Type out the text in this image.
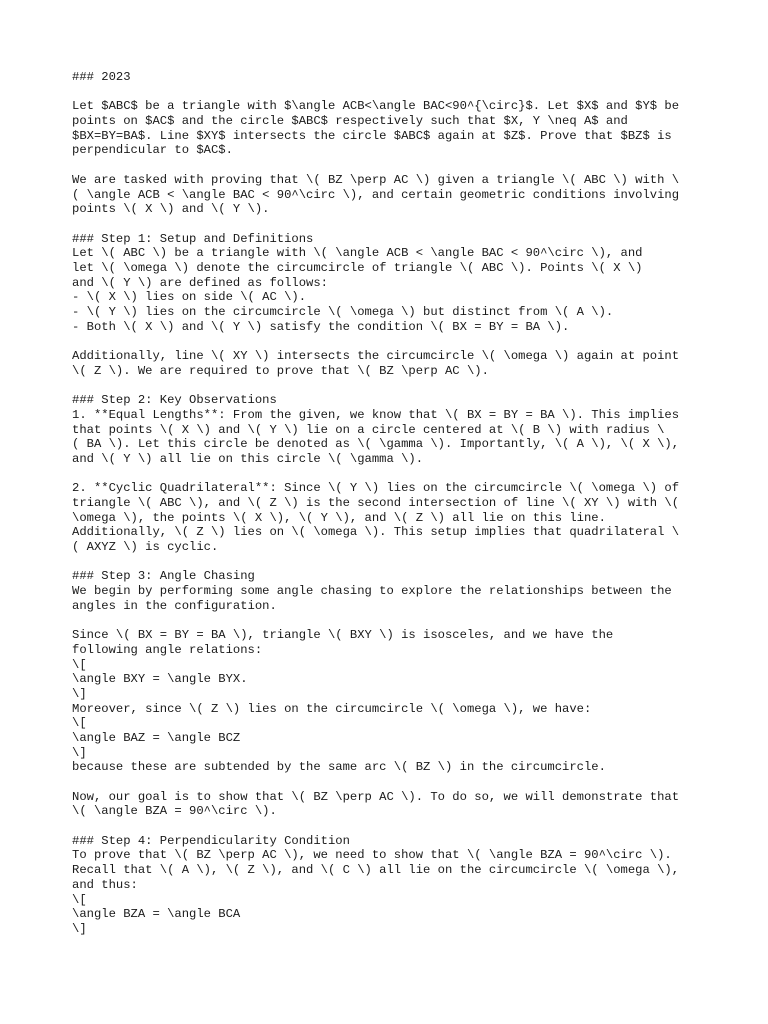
### 2023
Let $ABC$ be a triangle with $\angle ACB<\angle BAC<90^{\circ}$. Let $X$ and $Y$ be
points on $AC$ and the circle $ABC$ respectively such that $X, Y \neq A$ and
$BX=BY=BA$. Line $XY$ intersects the circle $ABC$ again at $Z$. Prove that $BZ$ is
perpendicular to $AC$.
We are tasked with proving that \( BZ \perp AC \) given a triangle \( ABC \) with \
( \angle ACB < \angle BAC < 90^\circ \), and certain geometric conditions involving
points \( X \) and \( Y \).
### Step 1: Setup and Definitions
Let \( ABC \) be a triangle with \( \angle ACB < \angle BAC < 90^\circ \), and
let \( \omega \) denote the circumcircle of triangle \( ABC \). Points \( X \)
and \( Y \) are defined as follows:
- \( X \) lies on side \( AC \).
- \( Y \) lies on the circumcircle \( \omega \) but distinct from \( A \).
- Both \( X \) and \( Y \) satisfy the condition \( BX = BY = BA \).
Additionally, line \( XY \) intersects the circumcircle \( \omega \) again at point
\( Z \). We are required to prove that \( BZ \perp AC \).
### Step 2: Key Observations
1. **Equal Lengths**: From the given, we know that \( BX = BY = BA \). This implies
that points \( X \) and \( Y \) lie on a circle centered at \( B \) with radius \
( BA \). Let this circle be denoted as \( \gamma \). Importantly, \( A \), \( X \),
and \( Y \) all lie on this circle \( \gamma \).
2. **Cyclic Quadrilateral**: Since \( Y \) lies on the circumcircle \( \omega \) of
triangle \( ABC \), and \( Z \) is the second intersection of line \( XY \) with \(
\omega \), the points \( X \), \( Y \), and \( Z \) all lie on this line.
Additionally, \( Z \) lies on \( \omega \). This setup implies that quadrilateral \
( AXYZ \) is cyclic.
### Step 3: Angle Chasing
We begin by performing some angle chasing to explore the relationships between the
angles in the configuration.
Since \( BX = BY = BA \), triangle \( BXY \) is isosceles, and we have the
following angle relations:
\[
\angle BXY = \angle BYX.
\]
Moreover, since \( Z \) lies on the circumcircle \( \omega \), we have:
\[
\angle BAZ = \angle BCZ
\]
because these are subtended by the same arc \( BZ \) in the circumcircle.
Now, our goal is to show that \( BZ \perp AC \). To do so, we will demonstrate that
\( \angle BZA = 90^\circ \).
### Step 4: Perpendicularity Condition
To prove that \( BZ \perp AC \), we need to show that \( \angle BZA = 90^\circ \).
Recall that \( A \), \( Z \), and \( C \) all lie on the circumcircle \( \omega \),
and thus:
\[
\angle BZA = \angle BCA
\]
